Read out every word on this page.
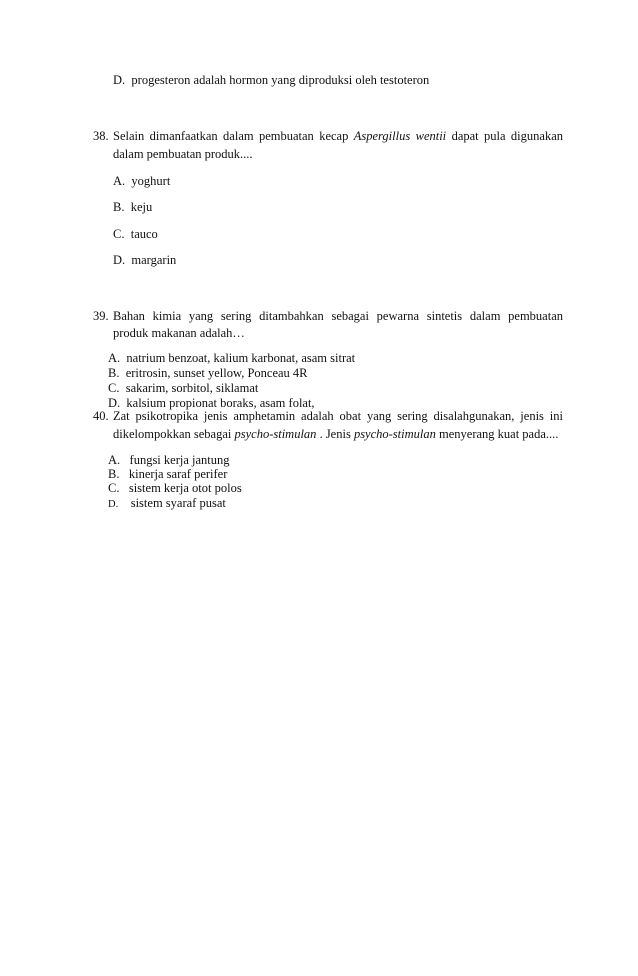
D. progesteron adalah hormon yang diproduksi oleh testoteron
38. Selain dimanfaatkan dalam pembuatan kecap Aspergillus wentii dapat pula digunakan
dalam pembuatan produk....
A. yoghurt
B. keju
C. tauco
D. margarin
39. Bahan kimia yang sering ditambahkan sebagai pewarna sintetis dalam pembuatan
produk makanan adalah…
A. natrium benzoat, kalium karbonat, asam sitrat
B. eritrosin, sunset yellow, Ponceau 4R
C. sakarim, sorbitol, siklamat
D. kalsium propionat boraks, asam folat,
40. Zat psikotropika jenis amphetamin adalah obat yang sering disalahgunakan, jenis ini
dikelompokkan sebagai psycho-stimulan . Jenis psycho-stimulan menyerang kuat pada....
A. fungsi kerja jantung
B. kinerja saraf perifer
C. sistem kerja otot polos
D. sistem syaraf pusat
